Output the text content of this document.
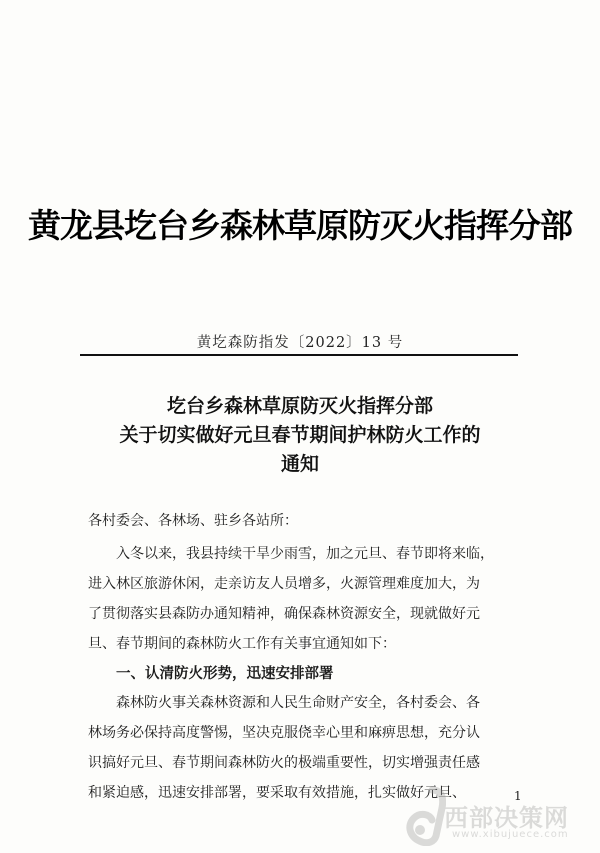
黄龙县圪台乡森林草原防灭火指挥分部
黄圪森防指发〔2022〕13 号
圪台乡森林草原防灭火指挥分部
关于切实做好元旦春节期间护林防火工作的
通知
各村委会、各林场、驻乡各站所：
入冬以来，我县持续干旱少雨雪，加之元旦、春节即将来临，
进入林区旅游休闲，走亲访友人员增多，火源管理难度加大，为
了贯彻落实县森防办通知精神，确保森林资源安全，现就做好元
旦、春节期间的森林防火工作有关事宜通知如下：
一、认清防火形势，迅速安排部署
森林防火事关森林资源和人民生命财产安全，各村委会、各
林场务必保持高度警惕，坚决克服侥幸心里和麻痹思想，充分认
识搞好元旦、春节期间森林防火的极端重要性，切实增强责任感
和紧迫感，迅速安排部署，要采取有效措施，扎实做好元旦、	1
西部决策网
www.xibujuece.com
